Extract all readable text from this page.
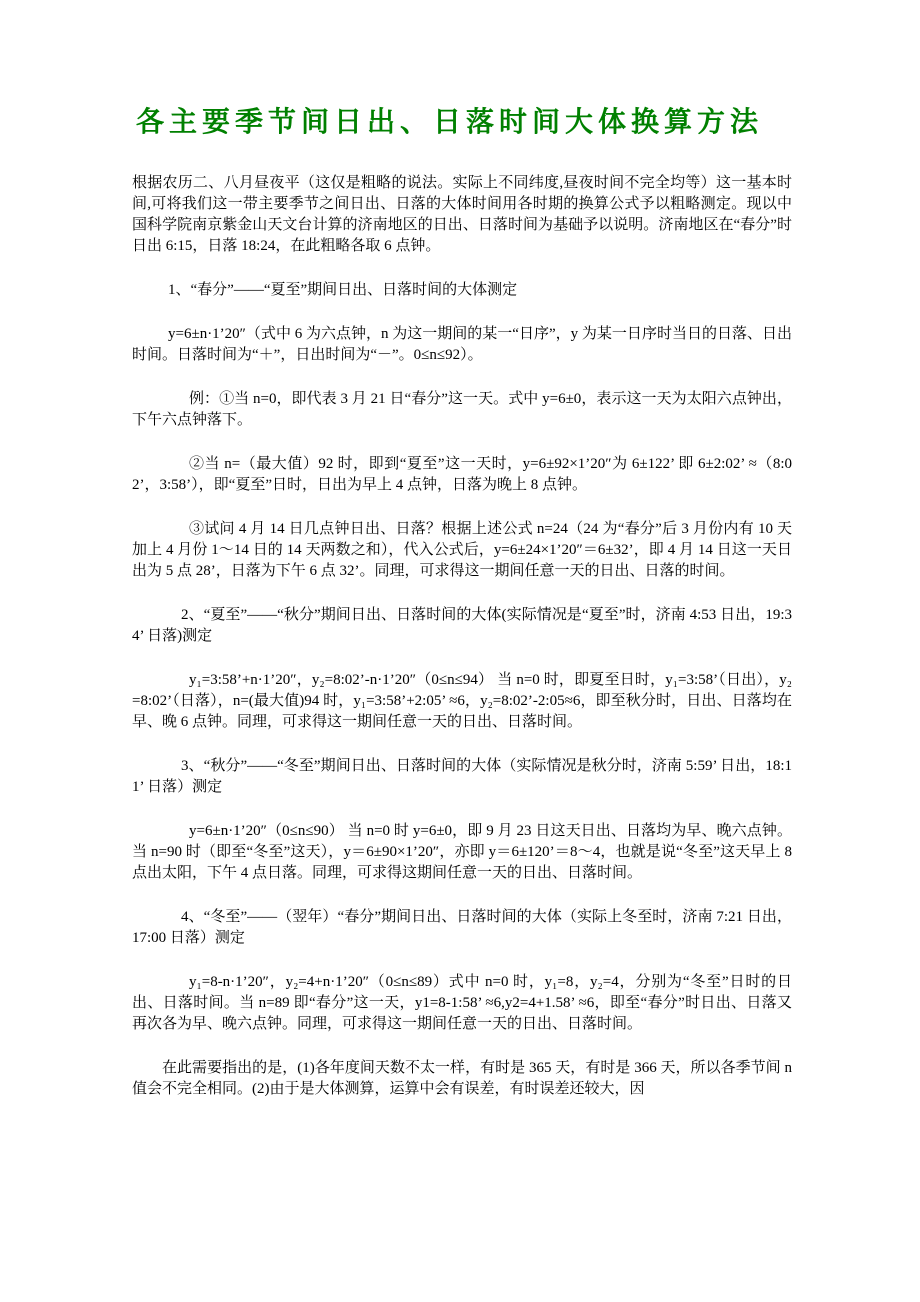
各主要季节间日出、日落时间大体换算方法

根据农历二、八月昼夜平（这仅是粗略的说法。实际上不同纬度,昼夜时间不完全均等）这一基本时间,可将我们这一带主要季节之间日出、日落的大体时间用各时期的换算公式予以粗略测定。现以中国科学院南京紫金山天文台计算的济南地区的日出、日落时间为基础予以说明。济南地区在“春分”时日出 6:15，日落 18:24，在此粗略各取 6 点钟。

1、“春分”——“夏至”期间日出、日落时间的大体测定

y=6±n·1’20″（式中 6 为六点钟，n 为这一期间的某一“日序”，y 为某一日序时当日的日落、日出时间。日落时间为“＋”，日出时间为“－”。0≤n≤92）。

例：①当 n=0，即代表 3 月 21 日“春分”这一天。式中 y=6±0，表示这一天为太阳六点钟出，下午六点钟落下。

②当 n=（最大值）92 时，即到“夏至”这一天时，y=6±92×1’20″为 6±122’ 即 6±2:02’ ≈（8:02’，3:58’），即“夏至”日时，日出为早上 4 点钟，日落为晚上 8 点钟。

③试问 4 月 14 日几点钟日出、日落？根据上述公式 n=24（24 为“春分”后 3 月份内有 10 天加上 4 月份 1～14 日的 14 天两数之和），代入公式后，y=6±24×1’20″＝6±32’，即 4 月 14 日这一天日出为 5 点 28’，日落为下午 6 点 32’。同理，可求得这一期间任意一天的日出、日落的时间。

2、“夏至”——“秋分”期间日出、日落时间的大体(实际情况是“夏至”时，济南 4:53 日出，19:34’ 日落)测定

y₁=3:58’+n·1’20″，y₂=8:02’-n·1’20″（0≤n≤94） 当 n=0 时，即夏至日时，y₁=3:58’（日出），y₂=8:02’（日落），n=(最大值)94 时，y₁=3:58’+2:05’ ≈6，y₂=8:02’-2:05≈6，即至秋分时，日出、日落均在早、晚 6 点钟。同理，可求得这一期间任意一天的日出、日落时间。

3、“秋分”——“冬至”期间日出、日落时间的大体（实际情况是秋分时，济南 5:59’ 日出，18:11’ 日落）测定

y=6±n·1’20″（0≤n≤90） 当 n=0 时 y=6±0，即 9 月 23 日这天日出、日落均为早、晚六点钟。当 n=90 时（即至“冬至”这天），y＝6±90×1’20″，亦即 y＝6±120’＝8～4，也就是说“冬至”这天早上 8 点出太阳，下午 4 点日落。同理，可求得这期间任意一天的日出、日落时间。

4、“冬至”——（翌年）“春分”期间日出、日落时间的大体（实际上冬至时，济南 7:21 日出，17:00 日落）测定

y₁=8-n·1’20″，y₂=4+n·1’20″（0≤n≤89）式中 n=0 时，y₁=8，y₂=4，分别为“冬至”日时的日出、日落时间。当 n=89 即“春分”这一天，y1=8-1:58’ ≈6,y2=4+1.58’ ≈6，即至“春分”时日出、日落又再次各为早、晚六点钟。同理，可求得这一期间任意一天的日出、日落时间。

在此需要指出的是，(1)各年度间天数不太一样，有时是 365 天，有时是 366 天，所以各季节间 n 值会不完全相同。(2)由于是大体测算，运算中会有误差，有时误差还较大，因
